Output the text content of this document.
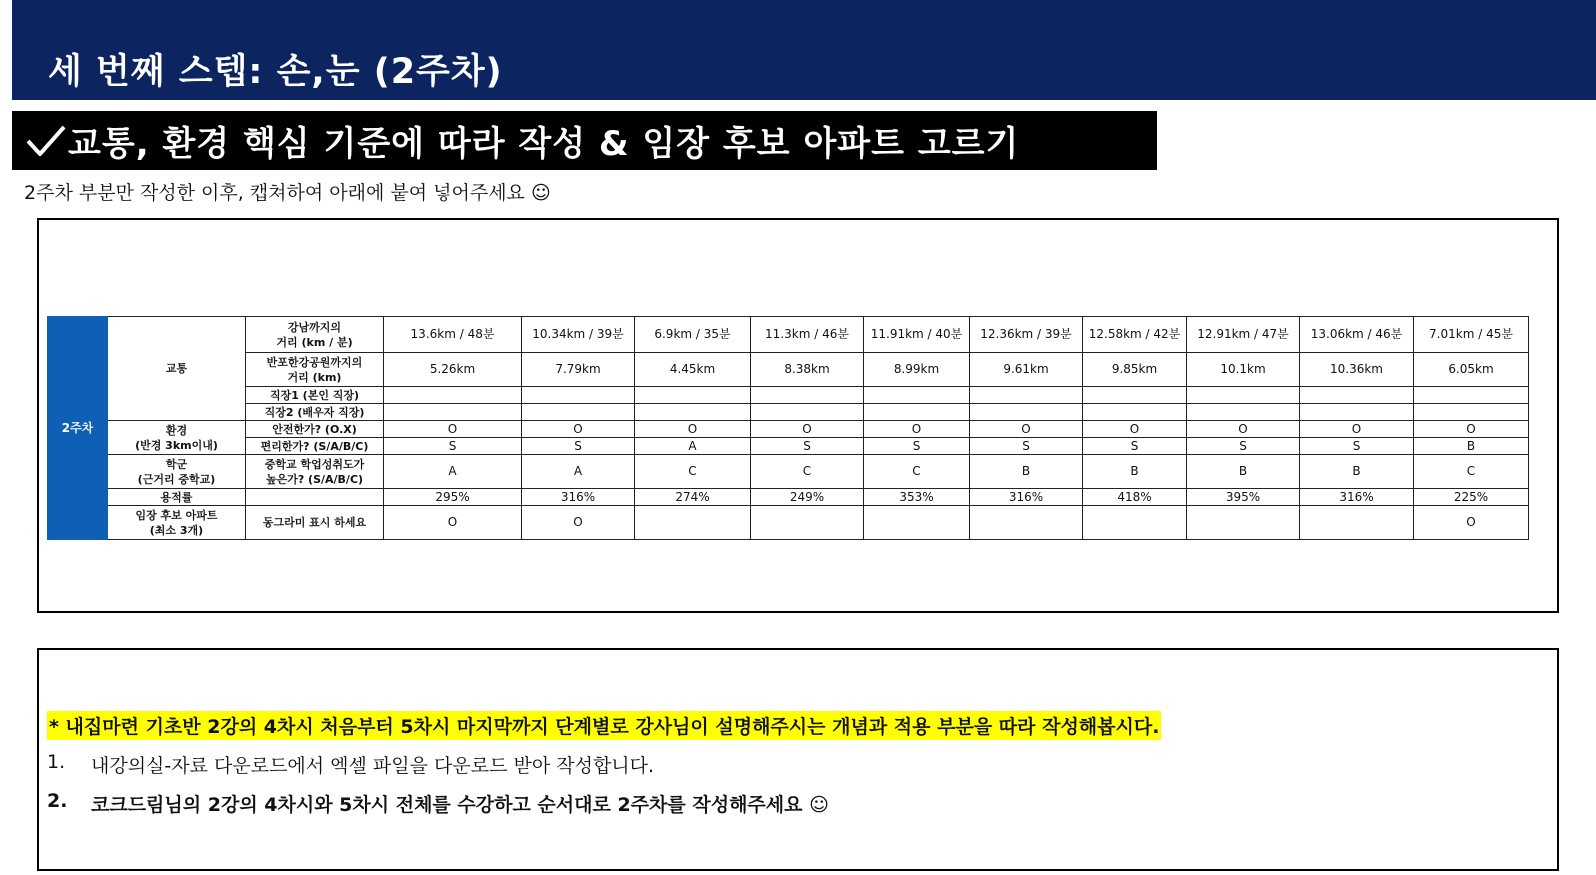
세 번째 스텝: 손,눈 (2주차)
교통, 환경 핵심 기준에 따라 작성 & 임장 후보 아파트 고르기
2주차 부분만 작성한 이후, 캡쳐하여 아래에 붙여 넣어주세요 ☺
2주차	교통	강남까지의
거리 (km / 분)	13.6km / 48분	10.34km / 39분	6.9km / 35분	11.3km / 46분	11.91km / 40분	12.36km / 39분	12.58km / 42분	12.91km / 47분	13.06km / 46분	7.01km / 45분
		반포한강공원까지의
거리 (km)	5.26km	7.79km	4.45km	8.38km	8.99km	9.61km	9.85km	10.1km	10.36km	6.05km
		직장1 (본인 직장)										
		직장2 (배우자 직장)										
	환경
(반경 3km이내)	안전한가? (O.X)	O	O	O	O	O	O	O	O	O	O
		편리한가? (S/A/B/C)	S	S	A	S	S	S	S	S	S	B
	학군
(근거리 중학교)	중학교 학업성취도가
높은가? (S/A/B/C)	A	A	C	C	C	B	B	B	B	C
	용적률		295%	316%	274%	249%	353%	316%	418%	395%	316%	225%
	임장 후보 아파트
(최소 3개)	동그라미 표시 하세요	O	O								O
* 내집마련 기초반 2강의 4차시 처음부터 5차시 마지막까지 단계별로 강사님이 설명해주시는 개념과 적용 부분을 따라 작성해봅시다.
1.	내강의실-자료 다운로드에서 엑셀 파일을 다운로드 받아 작성합니다.
2.	코크드림님의 2강의 4차시와 5차시 전체를 수강하고 순서대로 2주차를 작성해주세요 ☺
